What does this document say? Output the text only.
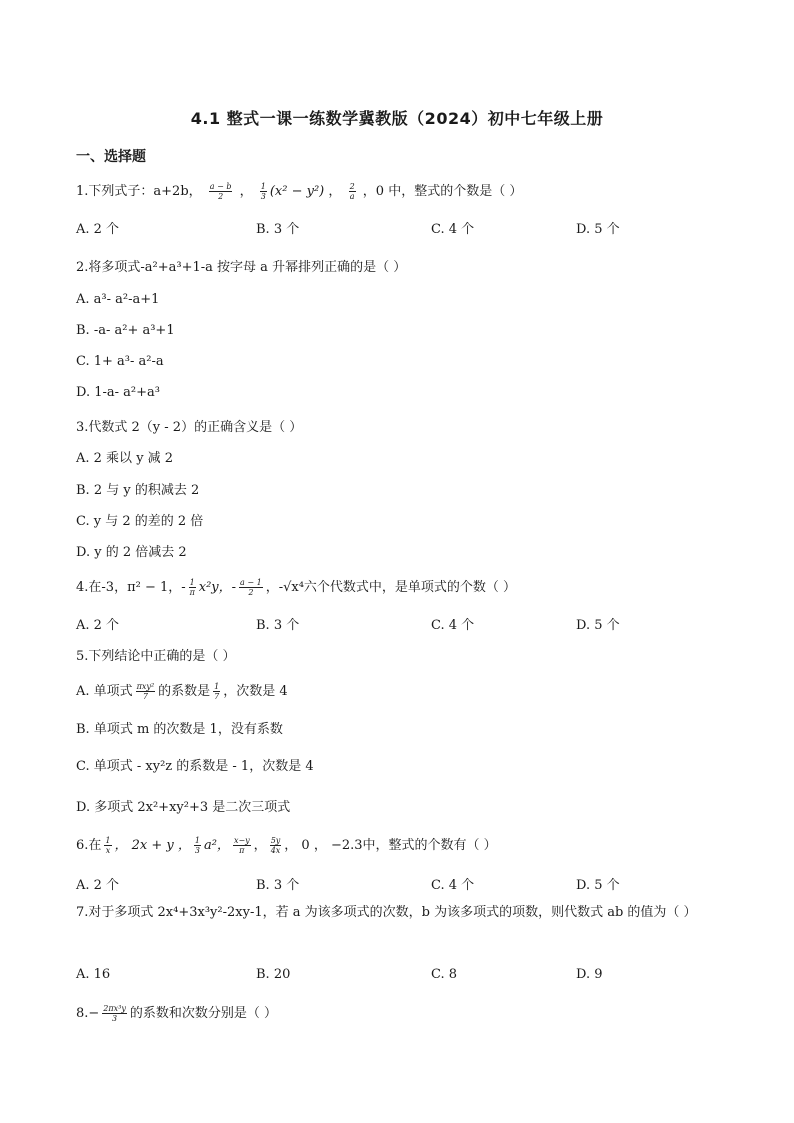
4.1 整式一课一练数学冀教版（2024）初中七年级上册
一、选择题
1.下列式子：a+2b， $\frac{a - b}{2}$ ， $\frac{1}{3} (x^2 - y^2)$ ， $\frac{2}{a}$ ，0 中，整式的个数是（ ）
A. 2 个	B. 3 个	C. 4 个	D. 5 个
2.将多项式-a²+a³+1-a 按字母 a 升幂排列正确的是（ ）
A. a³- a²-a+1
B. -a- a²+ a³+1
C. 1+ a³- a²-a
D. 1-a- a²+a³
3.代数式 2（y - 2）的正确含义是（ ）
A. 2 乘以 y 减 2
B. 2 与 y 的积减去 2
C. y 与 2 的差的 2 倍
D. y 的 2 倍减去 2
4.在-3，π² − 1，- $\frac{1}{\pi} x^2y$，- $\frac{a - 1}{2}$ ，-√x⁴六个代数式中，是单项式的个数（ ）
A. 2 个	B. 3 个	C. 4 个	D. 5 个
5.下列结论中正确的是（ ）
A. 单项式 $\frac{\text{πxy²}}{7}$ 的系数是 $\frac{1}{7}$ ，次数是 4
B. 单项式 m 的次数是 1，没有系数
C. 单项式 - xy²z 的系数是 - 1，次数是 4
D. 多项式 2x²+xy²+3 是二次三项式
6.在 $\frac{1}{x}$ ， 2x + y ， $\frac{1}{3} a^2$， $\frac{x-y}{\pi}$ ， $\frac{5y}{4x}$ ， 0 ， −2.3中，整式的个数有（ ）
A. 2 个	B. 3 个	C. 4 个	D. 5 个
7.对于多项式 2x⁴+3x³y²-2xy-1，若 a 为该多项式的次数，b 为该多项式的项数，则代数式 ab 的值为（ ）
A. 16	B. 20	C. 8	D. 9
$8.- \frac{\text{2πx³y}}{3}$ 的系数和次数分别是（ ）
